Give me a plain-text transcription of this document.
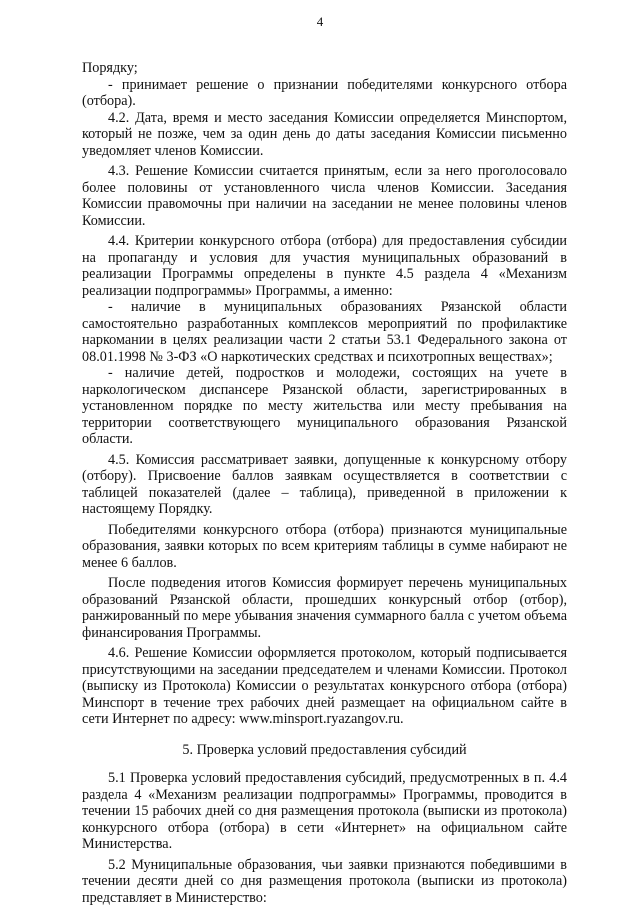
4

Порядку;

- принимает решение о признании победителями конкурсного отбора (отбора).

4.2. Дата, время и место заседания Комиссии определяется Минспортом, который не позже, чем за один день до даты заседания Комиссии письменно уведомляет членов Комиссии.

4.3. Решение Комиссии считается принятым, если за него проголосовало более половины от установленного числа членов Комиссии. Заседания Комиссии правомочны при наличии на заседании не менее половины членов Комиссии.

4.4. Критерии конкурсного отбора (отбора) для предоставления субсидии на пропаганду и условия для участия муниципальных образований в реализации Программы определены в пункте 4.5 раздела 4 «Механизм реализации подпрограммы» Программы, а именно:

- наличие в муниципальных образованиях Рязанской области самостоятельно разработанных комплексов мероприятий по профилактике наркомании в целях реализации части 2 статьи 53.1 Федерального закона от 08.01.1998 № 3-ФЗ «О наркотических средствах и психотропных веществах»;

- наличие детей, подростков и молодежи, состоящих на учете в наркологическом диспансере Рязанской области, зарегистрированных в установленном порядке по месту жительства или месту пребывания на территории соответствующего муниципального образования Рязанской области.

4.5. Комиссия рассматривает заявки, допущенные к конкурсному отбору (отбору). Присвоение баллов заявкам осуществляется в соответствии с таблицей показателей (далее – таблица), приведенной в приложении к настоящему Порядку.

Победителями конкурсного отбора (отбора) признаются муниципальные образования, заявки которых по всем критериям таблицы в сумме набирают не менее 6 баллов.

После подведения итогов Комиссия формирует перечень муниципальных образований Рязанской области, прошедших конкурсный отбор (отбор), ранжированный по мере убывания значения суммарного балла с учетом объема финансирования Программы.

4.6. Решение Комиссии оформляется протоколом, который подписывается присутствующими на заседании председателем и членами Комиссии. Протокол (выписку из Протокола) Комиссии о результатах конкурсного отбора (отбора) Минспорт в течение трех рабочих дней размещает на официальном сайте в сети Интернет по адресу: www.minsport.ryazangov.ru.

5. Проверка условий предоставления субсидий

5.1 Проверка условий предоставления субсидий, предусмотренных в п. 4.4 раздела 4 «Механизм реализации подпрограммы» Программы, проводится в течении 15 рабочих дней со дня размещения протокола (выписки из протокола) конкурсного отбора (отбора) в сети «Интернет» на официальном сайте Министерства.

5.2 Муниципальные образования, чьи заявки признаются победившими в течении десяти дней со дня размещения протокола (выписки из протокола) представляет в Министерство:
